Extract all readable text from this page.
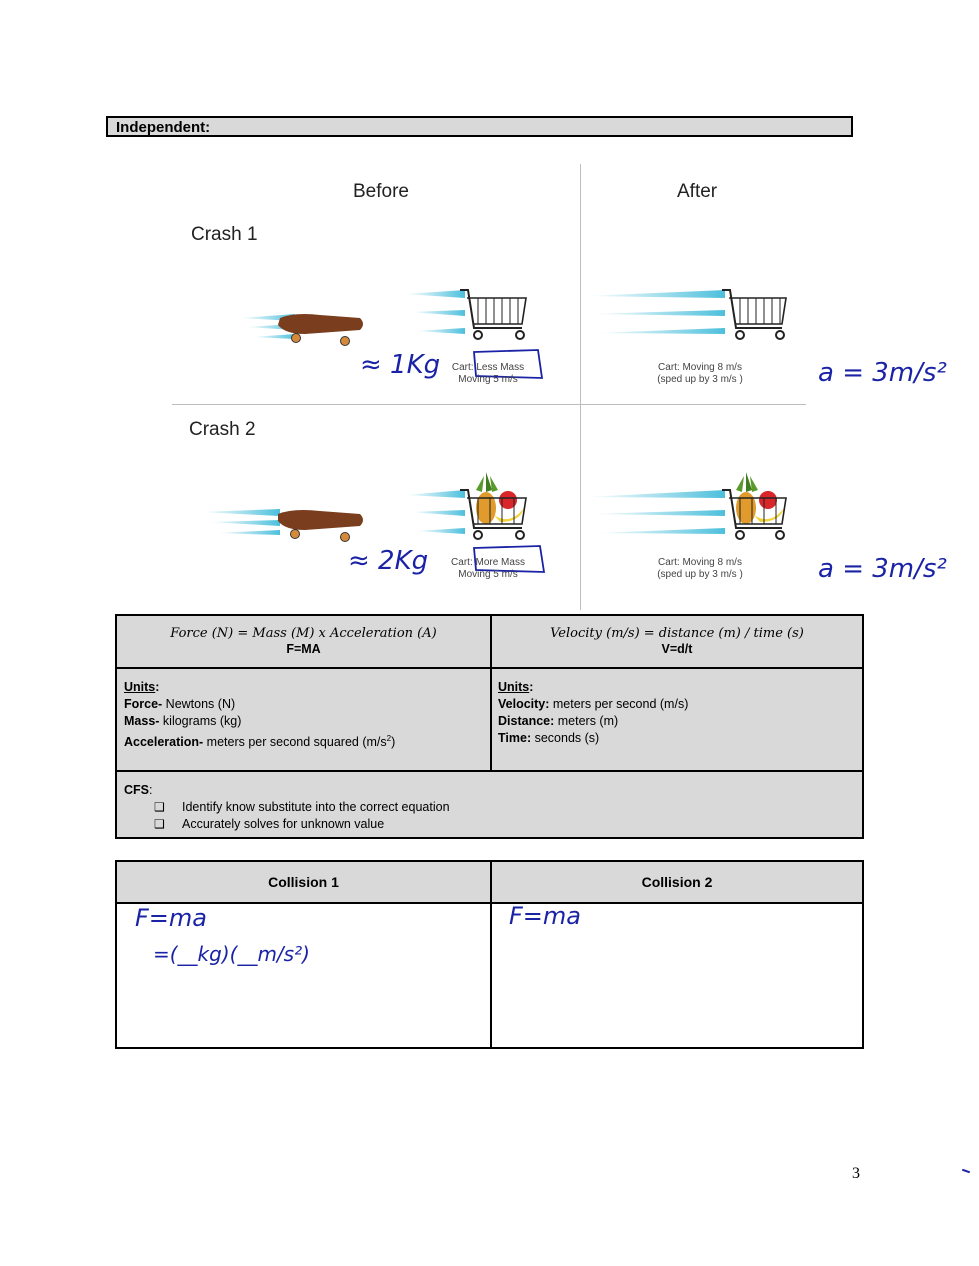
Independent:
Before	After
Crash 1
Crash 2
Cart: Less Mass
Moving 5 m/s
Cart: Moving 8 m/s
(sped up by 3 m/s )
Cart: More Mass
Moving 5 m/s
Cart: Moving 8 m/s
(sped up by 3 m/s )
≈ 1Kg
≈ 2Kg
a = 3m/s²
a = 3m/s²
Force (N) = Mass (M) x Acceleration (A)
F=MA
Velocity (m/s) = distance (m) / time (s)
V=d/t
Units:
Force- Newtons (N)
Mass- kilograms (kg)
Acceleration- meters per second squared $(m/s^2)$
Units:
Velocity: meters per second (m/s)
Distance: meters (m)
Time: seconds (s)
CFS:
❑ Identify know substitute into the correct equation
❑ Accurately solves for unknown value
Collision 1	Collision 2
F=ma
=(__kg)(__m/s²)
F=ma
3
